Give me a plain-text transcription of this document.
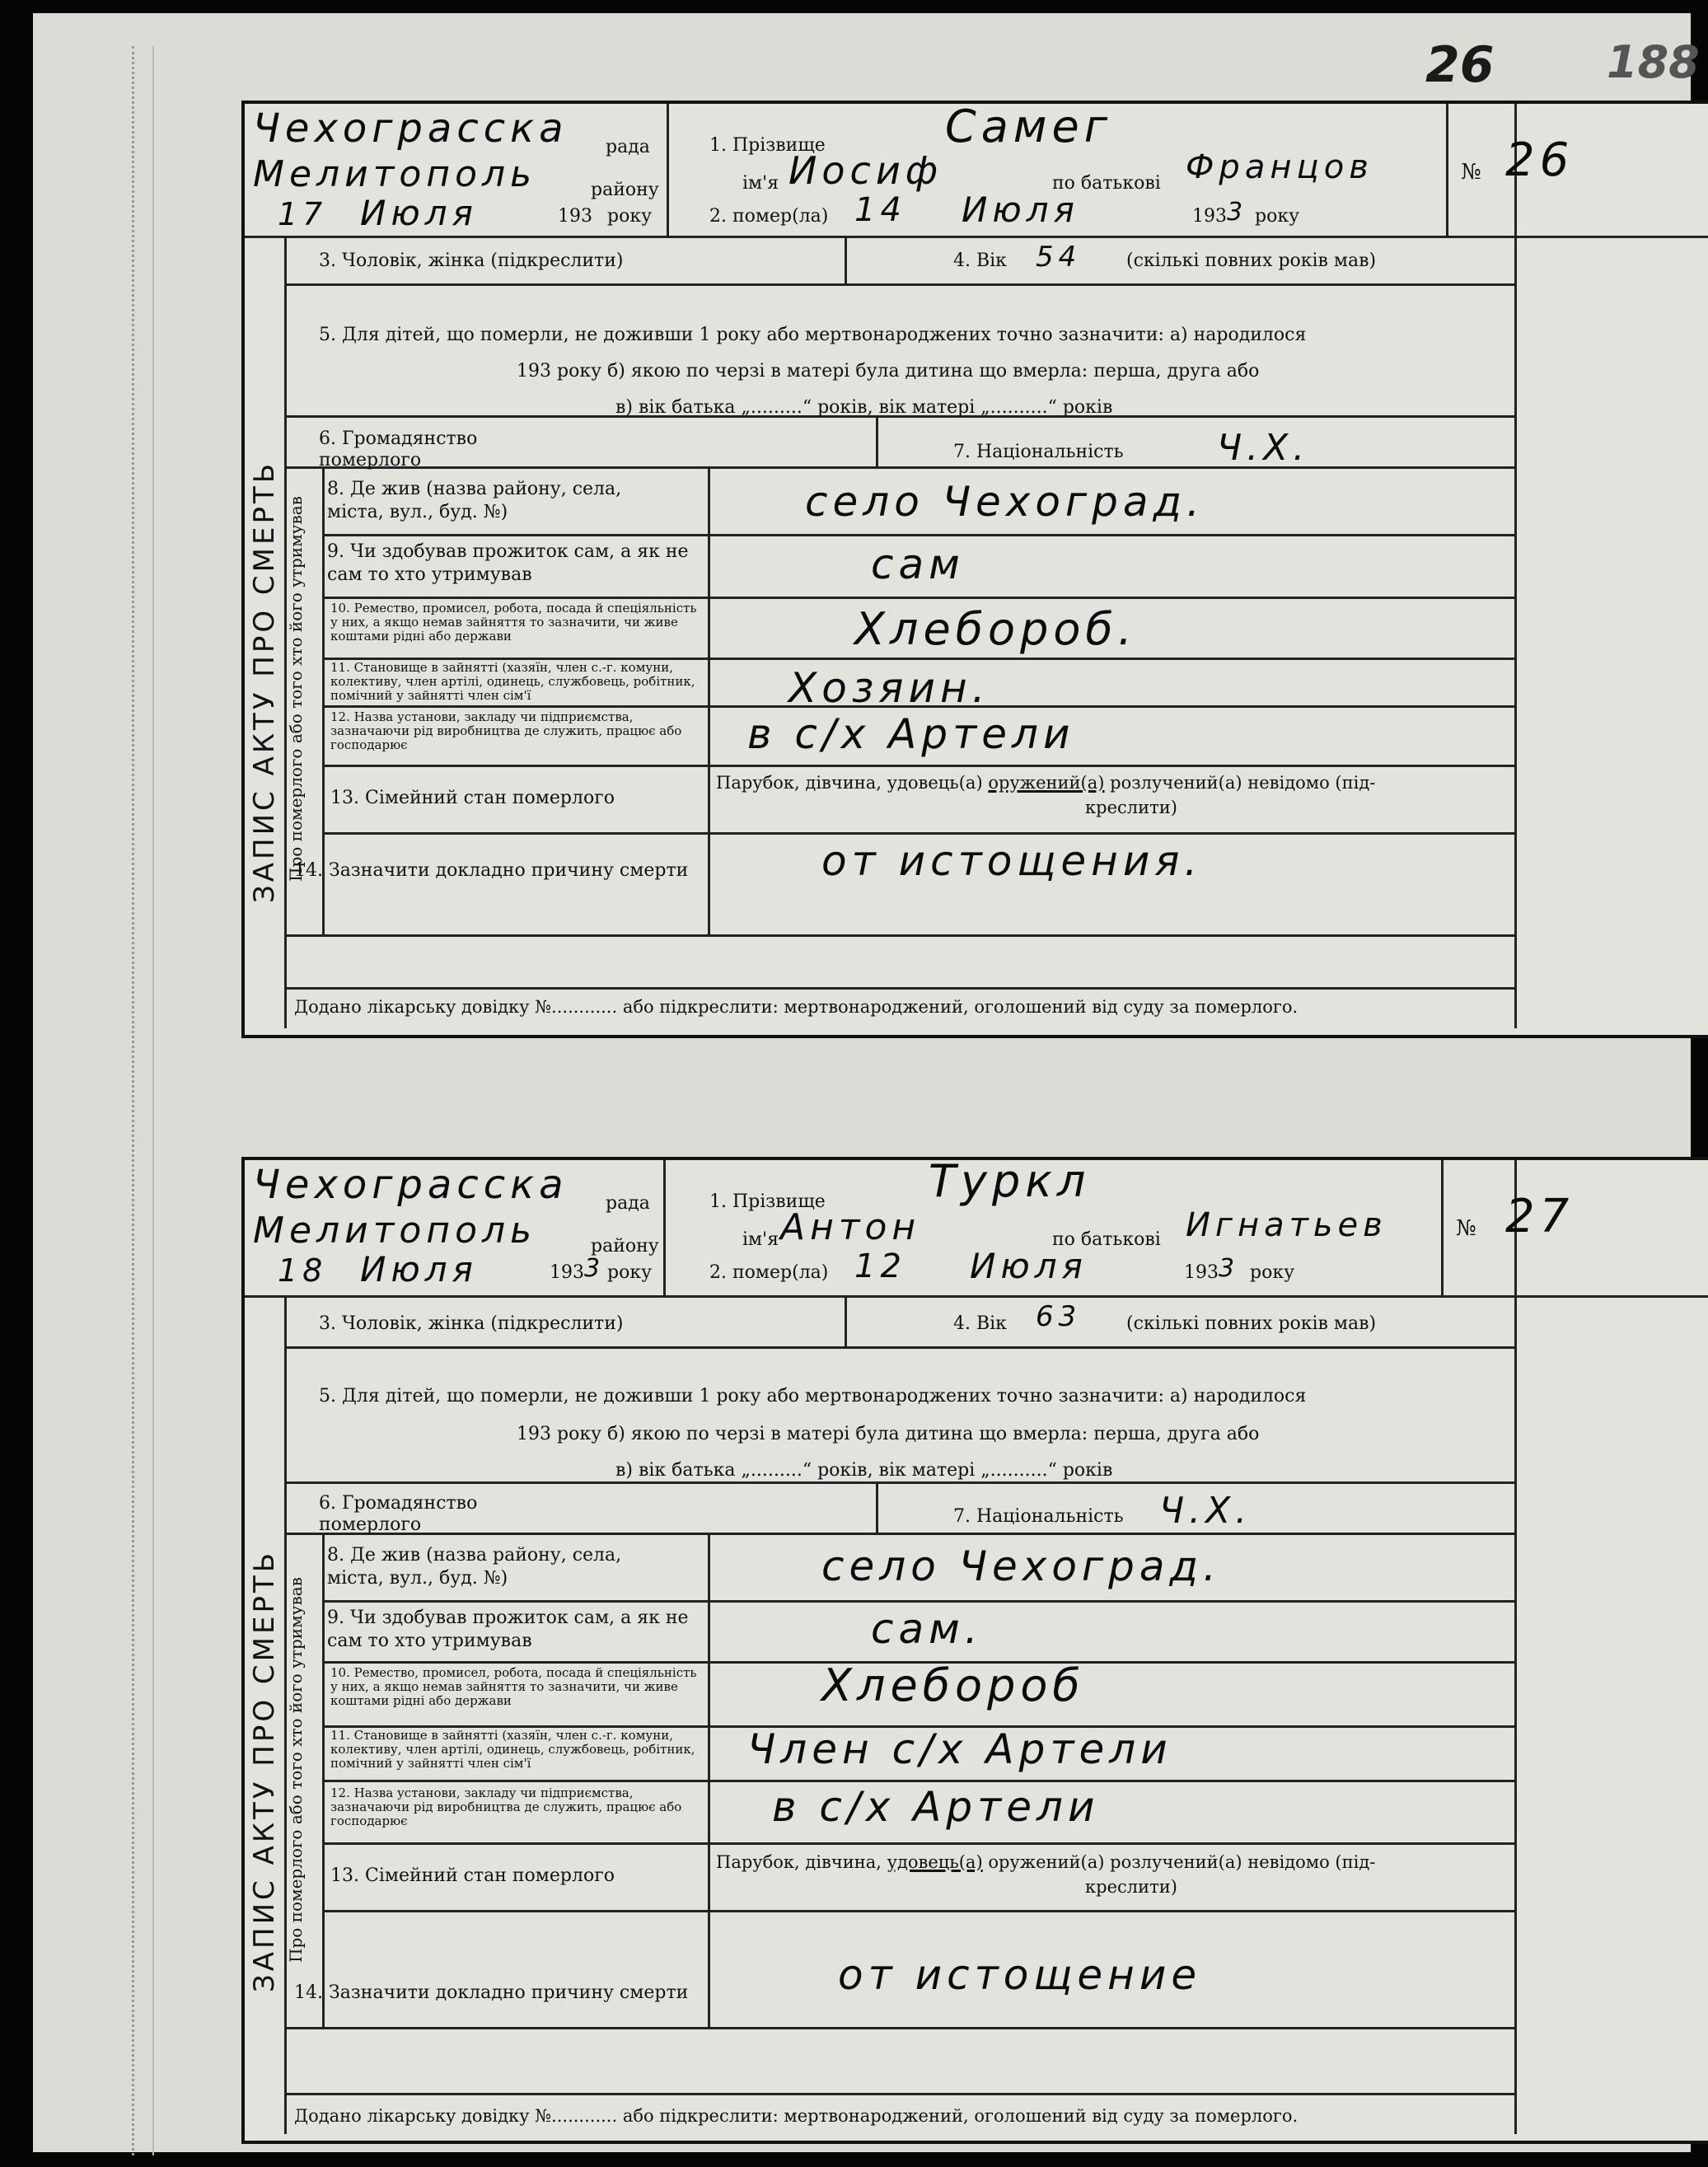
26	188
Чехограсска рада
Мелитополь	району
17 Июля	193 року
1. Прізвище	Самег
ім'я Иосиф	по батькові Францов
2. помер(ла) 14 Июля	193 3 року
№ 26
ЗАПИС АКТУ ПРО СМЕРТЬ Про померлого або того хто його утримував
3. Чоловік, жінка (підкреслити)	4. Вік 54 (скількі повних років мав)
5. Для дітей, що померли, не доживши 1 року або мертвонароджених точно зазначити: а) народилося
193 року б) якою по черзі в матері була дитина що вмерла: перша, друга або
в) вік батька „.........“ років, вік матері „..........“ років
6. Громадянство померлого	7. Національність	Ч.Х.
8. Де жив (назва району, села, міста, вул., буд. №)	село Чехоград.
9. Чи здобував прожиток сам, а як не сам то хто утримував	сам
10. Ремество, промисел, робота, посада й спеціяльність у них, а якщо немав зайняття то зазначити, чи живе коштами рідні або держави	Хлебороб.
11. Становище в зайнятті (хазяїн, член с.-г. комуни, колективу, член артілі, одинець, службовець, робітник, помічний у зайнятті член сім'ї	Хозяин.
12. Назва установи, закладу чи підприємства, зазначаючи рід виробництва де служить, працює або господарює	в с/х Артели
13. Сімейний стан померлого
Парубок, дівчина, удовець(а) оружений(а) розлучений(а) невідомо (під-
креслити)
14. Зазначити докладно причину смерти	от истощения.
Додано лікарську довідку №............ або підкреслити: мертвонароджений, оголошений від суду за померлого.
Чехограсска рада
Мелитополь	району
18 Июля	193 3 року
1. Прізвище Туркл
ім'я Антон	по батькові Игнатьев
2. помер(ла) 12 Июля	193 3 року
№ 27
ЗАПИС АКТУ ПРО СМЕРТЬ Про померлого або того хто його утримував
3. Чоловік, жінка (підкреслити)	4. Вік 63 (скількі повних років мав)
5. Для дітей, що померли, не доживши 1 року або мертвонароджених точно зазначити: а) народилося
193 року б) якою по черзі в матері була дитина що вмерла: перша, друга або
в) вік батька „.........“ років, вік матері „..........“ років
6. Громадянство померлого	7. Національність Ч.Х.
8. Де жив (назва району, села, міста, вул., буд. №)	село Чехоград.
9. Чи здобував прожиток сам, а як не сам то хто утримував	сам.
10. Ремество, промисел, робота, посада й спеціяльність у них, а якщо немав зайняття то зазначити, чи живе коштами рідні або держави	Хлебороб
11. Становище в зайнятті (хазяїн, член с.-г. комуни, колективу, член артілі, одинець, службовець, робітник, помічний у зайнятті член сім'ї	Член с/х Артели
12. Назва установи, закладу чи підприємства, зазначаючи рід виробництва де служить, працює або господарює	в с/х Артели
13. Сімейний стан померлого
Парубок, дівчина, удовець(а) оружений(а) розлучений(а) невідомо (під-
креслити)
14. Зазначити докладно причину смерти	от истощение
Додано лікарську довідку №............ або підкреслити: мертвонароджений, оголошений від суду за померлого.
